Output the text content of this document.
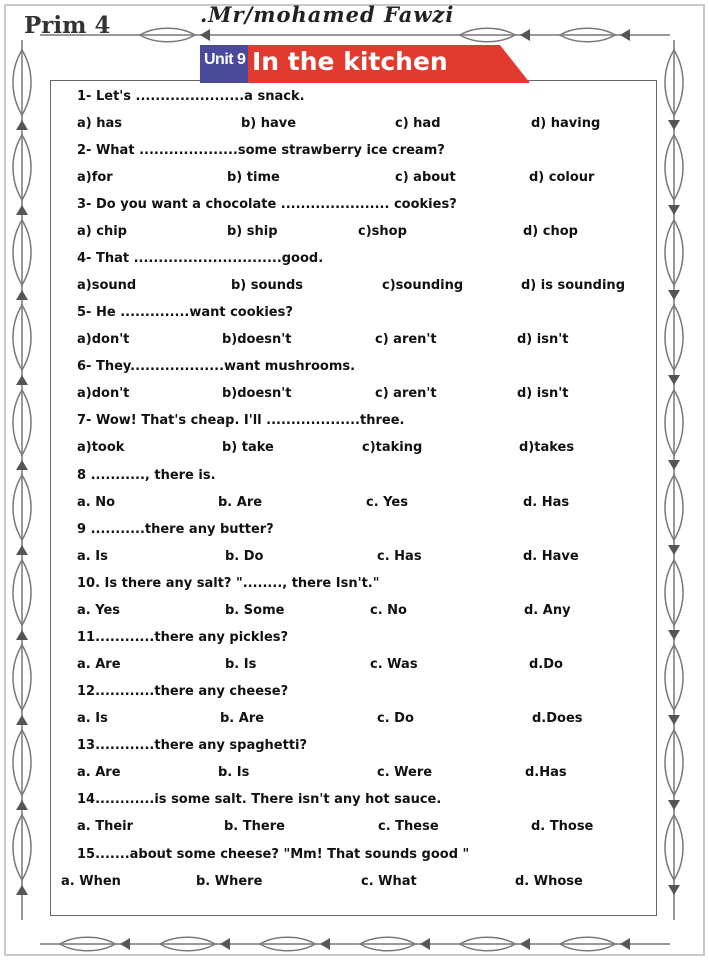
.Mr/mohamed Fawzi
Prim 4
Unit 9 In the kitchen
1- Let's ......................a snack.
a) has	b) have	c) had	d) having
2- What ....................some strawberry ice cream?
a)for	b) time	c) about	d) colour
3- Do you want a chocolate ...................... cookies?
a) chip	b) ship	c)shop	d) chop
4- That ..............................good.
a)sound	b) sounds	c)sounding	d) is sounding
5- He ..............want cookies?
a)don't	b)doesn't	c) aren't	d) isn't
6- They...................want mushrooms.
a)don't	b)doesn't	c) aren't	d) isn't
7- Wow! That's cheap. I'll ...................three.
a)took	b) take	c)taking	d)takes
8 ..........., there is.
a. No	b. Are	c. Yes	d. Has
9 ...........there any butter?
a. Is	b. Do	c. Has	d. Have
10. Is there any salt? "........, there Isn't."
a. Yes	b. Some	c. No	d. Any
11............there any pickles?
a. Are	b. Is	c. Was	d.Do
12............there any cheese?
a. Is	b. Are	c. Do	d.Does
13............there any spaghetti?
a. Are	b. Is	c. Were	d.Has
14............is some salt. There isn't any hot sauce.
a. Their	b. There	c. These	d. Those
15.......about some cheese? "Mm! That sounds good "
a. When	b. Where	c. What	d. Whose
